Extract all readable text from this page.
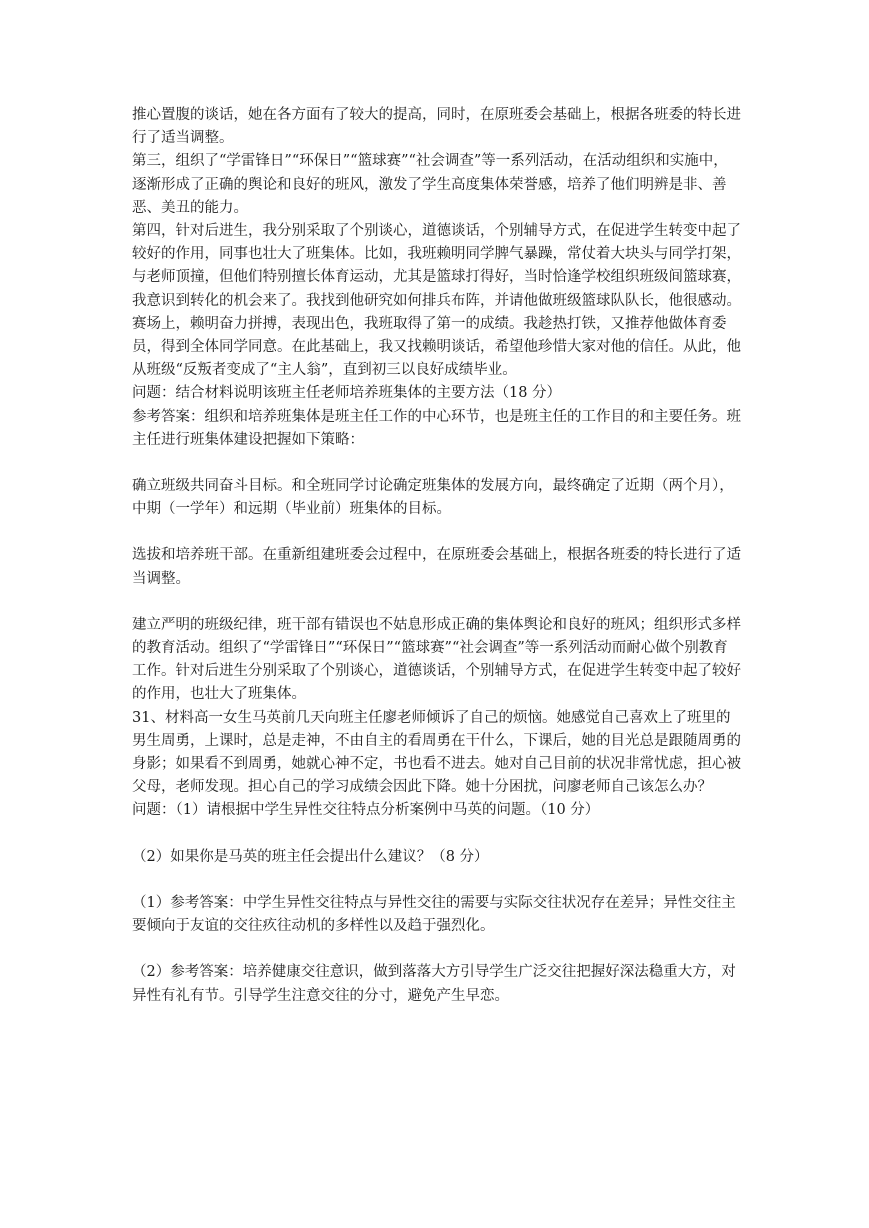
推心置腹的谈话，她在各方面有了较大的提高，同时，在原班委会基础上，根据各班委的特长进行了适当调整。

第三，组织了“学雷锋日”“环保日”“篮球赛”“社会调查”等一系列活动，在活动组织和实施中，逐渐形成了正确的舆论和良好的班风，激发了学生高度集体荣誉感，培养了他们明辨是非、善恶、美丑的能力。

第四，针对后进生，我分别采取了个别谈心，道德谈话，个别辅导方式，在促进学生转变中起了较好的作用，同事也壮大了班集体。比如，我班赖明同学脾气暴躁，常仗着大块头与同学打架，与老师顶撞，但他们特别擅长体育运动，尤其是篮球打得好，当时恰逢学校组织班级间篮球赛，我意识到转化的机会来了。我找到他研究如何排兵布阵，并请他做班级篮球队队长，他很感动。赛场上，赖明奋力拼搏，表现出色，我班取得了第一的成绩。我趁热打铁，又推荐他做体育委员，得到全体同学同意。在此基础上，我又找赖明谈话，希望他珍惜大家对他的信任。从此，他从班级“反叛者变成了“主人翁”，直到初三以良好成绩毕业。

问题：结合材料说明该班主任老师培养班集体的主要方法（18 分）

参考答案：组织和培养班集体是班主任工作的中心环节，也是班主任的工作目的和主要任务。班主任进行班集体建设把握如下策略：

确立班级共同奋斗目标。和全班同学讨论确定班集体的发展方向，最终确定了近期（两个月），中期（一学年）和远期（毕业前）班集体的目标。

选拔和培养班干部。在重新组建班委会过程中，在原班委会基础上，根据各班委的特长进行了适当调整。

建立严明的班级纪律，班干部有错误也不姑息形成正确的集体舆论和良好的班风；组织形式多样的教育活动。组织了“学雷锋日”“环保日”“篮球赛”“社会调查”等一系列活动而耐心做个别教育工作。针对后进生分别采取了个别谈心，道德谈话，个别辅导方式，在促进学生转变中起了较好的作用，也壮大了班集体。

31、材料高一女生马英前几天向班主任廖老师倾诉了自己的烦恼。她感觉自己喜欢上了班里的男生周勇，上课时，总是走神，不由自主的看周勇在干什么，下课后，她的目光总是跟随周勇的身影；如果看不到周勇，她就心神不定，书也看不进去。她对自己目前的状况非常忧虑，担心被父母，老师发现。担心自己的学习成绩会因此下降。她十分困扰，问廖老师自己该怎么办？

问题：（1）请根据中学生异性交往特点分析案例中马英的问题。（10 分）

（2）如果你是马英的班主任会提出什么建议？（8 分）

（1）参考答案：中学生异性交往特点与异性交往的需要与实际交往状况存在差异；异性交往主要倾向于友谊的交往疚往动机的多样性以及趋于强烈化。

（2）参考答案：培养健康交往意识，做到落落大方引导学生广泛交往把握好深法稳重大方，对异性有礼有节。引导学生注意交往的分寸，避免产生早恋。
